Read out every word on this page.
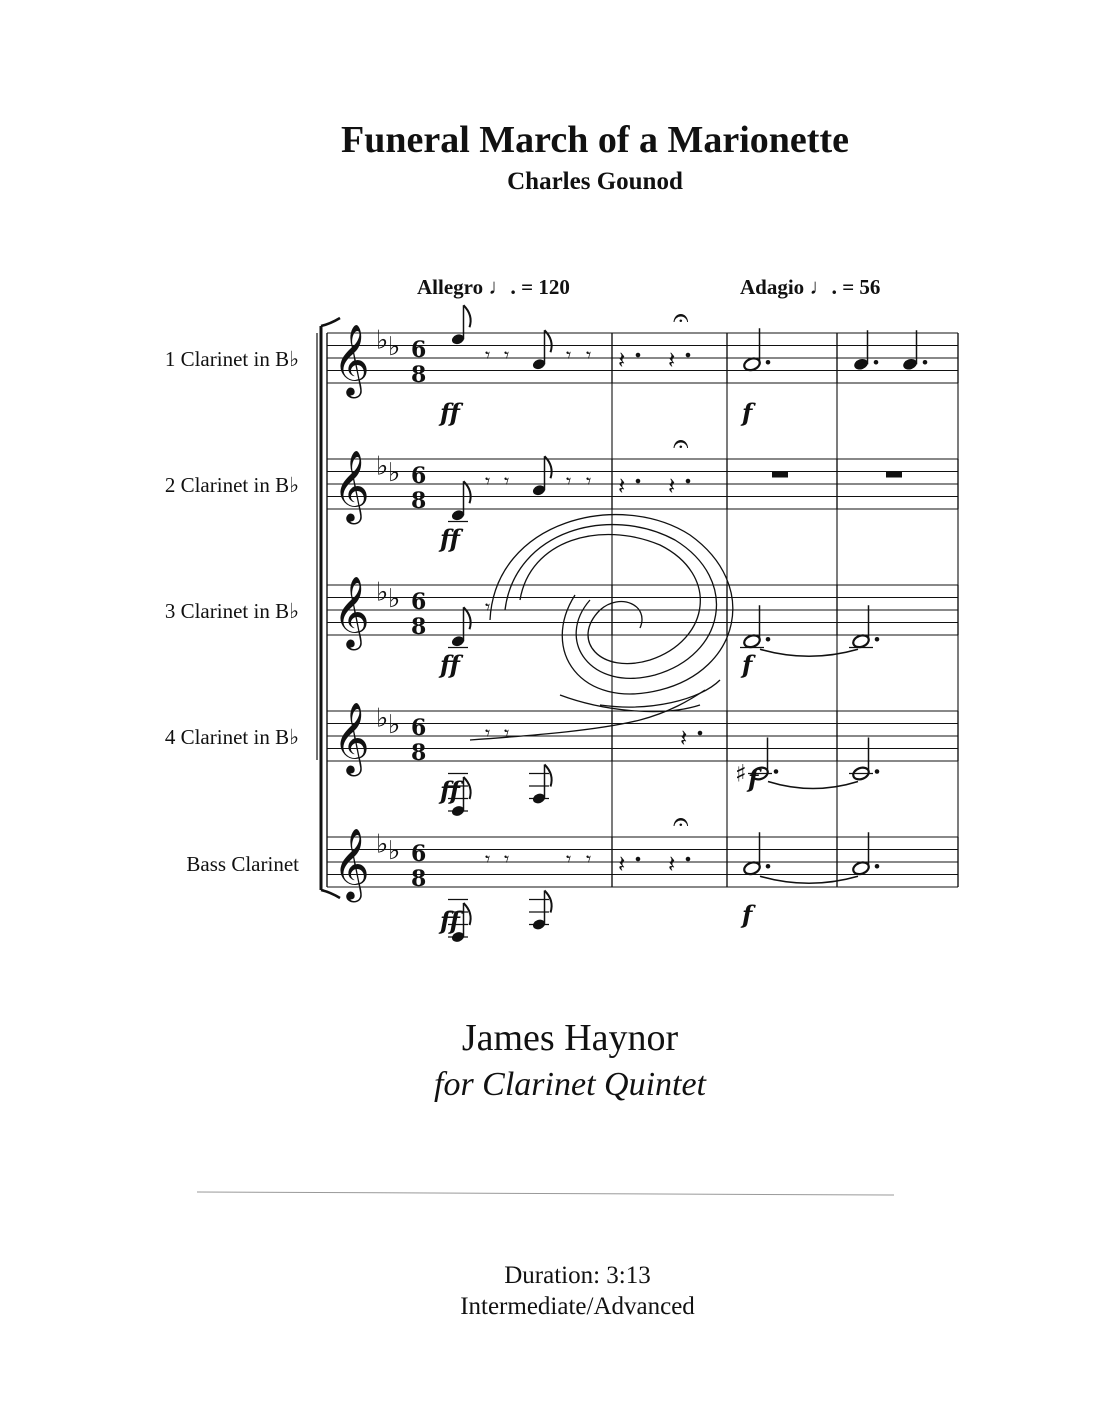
Funeral March of a Marionette
Charles Gounod
Allegro ♩. = 120	Adagio ♩. = 56
1 Clarinet in B♭
2 Clarinet in B♭
3 Clarinet in B♭
4 Clarinet in B♭
Bass Clarinet
𝄞 ♭ ♭ 6
8
𝄞 ♭ ♭ 6
8
𝄞 ♭ ♭ 6
8
𝄞 ♭ ♭ 6
8
𝄞 ♭ ♭ 6
8
𝄾 𝄾	𝄾 𝄾 𝄽 𝄽
𝄐
ff	f
𝄾 𝄾	𝄾 𝄾 𝄽 𝄽
𝄐
ff
𝄾
ff	f
𝄾 𝄾	𝄽
♯
ff	f
𝄾 𝄾	𝄾 𝄾 𝄽 𝄽
𝄐
ff	f
James Haynor
for Clarinet Quintet
Duration: 3:13
Intermediate/Advanced
